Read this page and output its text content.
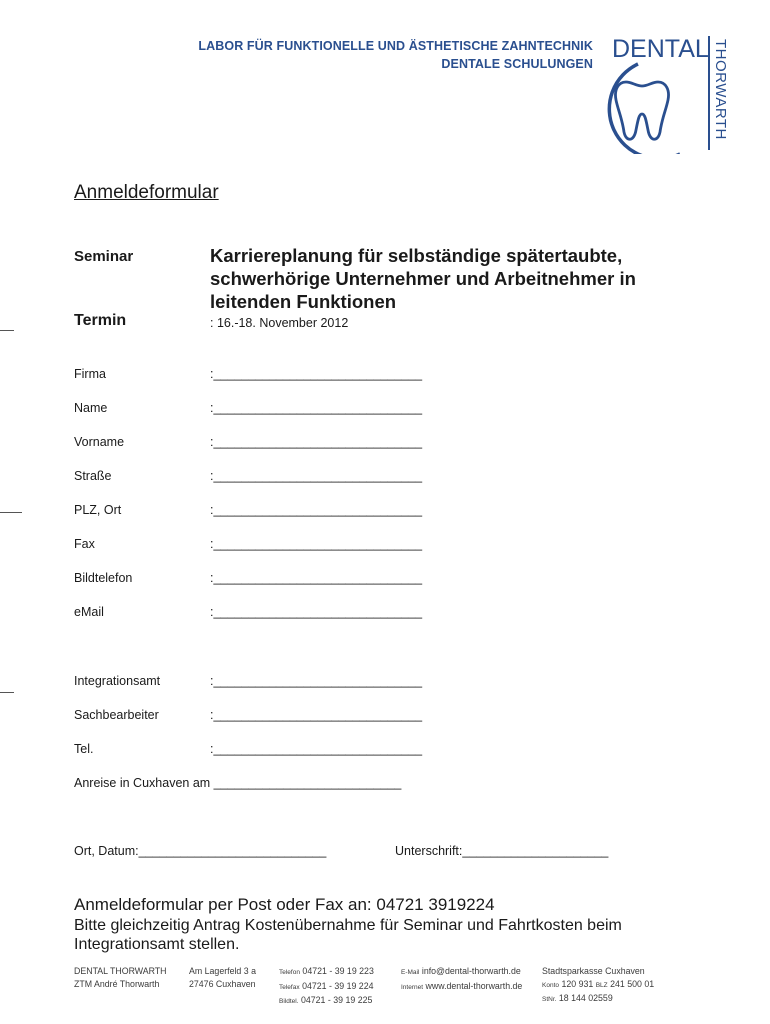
LABOR FÜR FUNKTIONELLE UND ÄSTHETISCHE ZAHNTECHNIK
DENTALE SCHULUNGEN
DENTAL THORWARTH
Anmeldeformular
Seminar	Karriereplanung für selbständige spätertaubte, schwerhörige Unternehmer und Arbeitnehmer in leitenden Funktionen
Termin	: 16.-18. November 2012
Firma	:______________________________
Name	:______________________________
Vorname	:______________________________
Straße	:______________________________
PLZ, Ort	:______________________________
Fax	:______________________________
Bildtelefon	:______________________________
eMail	:______________________________
Integrationsamt	:______________________________
Sachbearbeiter	:______________________________
Tel.	:______________________________
Anreise in Cuxhaven am ___________________________
Ort, Datum:___________________________	Unterschrift:_____________________
Anmeldeformular per Post oder Fax an: 04721 3919224
Bitte gleichzeitig Antrag Kostenübernahme für Seminar und Fahrtkosten beim
Integrationsamt stellen.
DENTAL THORWARTH
ZTM André Thorwarth
Am Lagerfeld 3 a
27476 Cuxhaven
Telefon 04721 - 39 19 223
Telefax 04721 - 39 19 224
Bildtel. 04721 - 39 19 225
E-Mail info@dental-thorwarth.de
Internet www.dental-thorwarth.de
Stadtsparkasse Cuxhaven
Konto 120 931 BLZ 241 500 01
StNr. 18 144 02559
